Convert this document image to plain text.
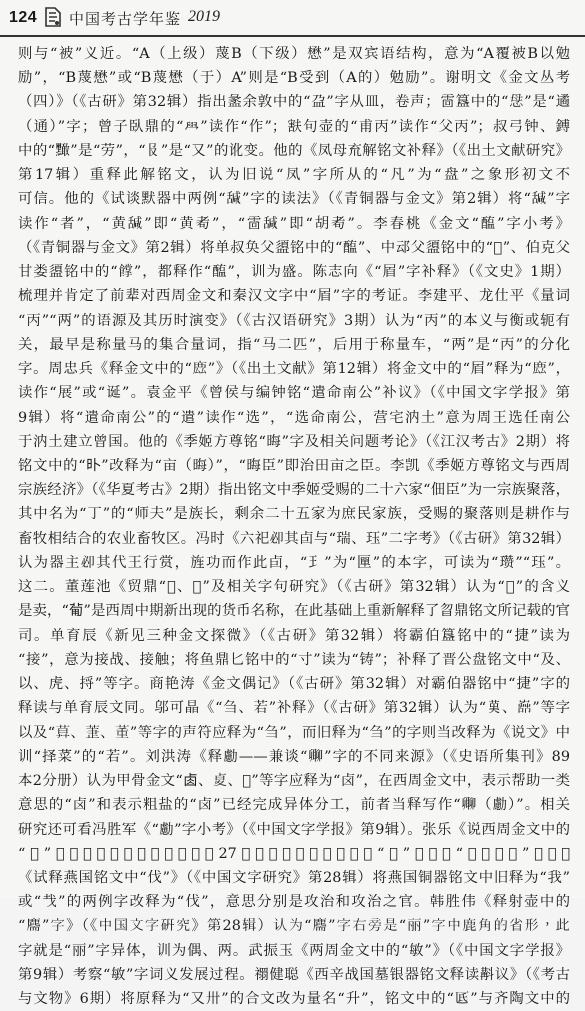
124 中国考古学年鉴 2019
则与“被”义近。“A（上级）蔑B（下级）懋”是双宾语结构，意为“A覆被B以勉
励”，“B蔑懋”或“B蔑懋（于）A”则是“B受到（A的）勉励”。谢明文《金文丛考
（四）》（《古研》第32辑）指出盠余敦中的“盁”字从皿，卷声；䨓簋中的“𢘓”是“遹
（通）”字；曾子臥鼎的“𦥯”读作“作”；㝬句壶的“甫丙”读作“父丙”；叔弓钟、鎛
中的“𪒠”是“劳”，“𠬝”是“又”的讹变。他的《凤母㐬解铭文补释》（《出土文献研究》
第17辑）重释此解铭文，认为旧说“凤”字所从的“凡”为“盘”之象形初文不
可信。他的《试谈默器中两例“𦧩”字的读法》（《青铜器与金文》第2辑）将“𦧩”字
读作“者”，“黄𦧩”即“黄耇”，“䨓𦧩”即“胡耇”。李春桃《金文“醢”字小考》
（《青铜器与金文》第2辑）将单叔奂父盨铭中的“醢”、中䢵父盨铭中的“𨣊”、伯克父
甘娄盨铭中的“𩞦”，都释作“醢”，训为盛。陈志向《“㞒”字补释》（《文史》1期）
梳理并肯定了前辈对西周金文和秦汉文字中“㞒”字的考证。李建平、龙仕平《量词
“丙”“两”的语源及其历时演变》（《古汉语研究》3期）认为“丙”的本义与衡或轭有
关，最早是称量马的集合量词，指“马二匹”，后用于称量车，“两”是“丙”的分化
字。周忠兵《释金文中的“𢉖”》（《出土文献》第12辑）将金文中的“㞒”释为“𢉖”，
读作“展”或“诞”。袁金平《曾侯与编钟铭“遣命南公”补议》（《中国文字学报》第
9辑）将“遣命南公”的“遣”读作“选”，“选命南公，营宅汭土”意为周王选任南公
于汭土建立曾国。他的《季姬方尊铭“晦”字及相关问题考论》（《江汉考古》2期）将
铭文中的“𣅃”改释为“亩（晦）”，“晦臣”即治田亩之臣。李凯《季姬方尊铭文与西周
宗族经济》（《华夏考古》2期）指出铭文中季姬受赐的二十六家“佃臣”为一宗族聚落，
其中名为“丁”的“师夫”是族长，剩余二十五家为庶民家族，受赐的聚落则是耕作与
畜牧相结合的农业畜牧区。冯时《六祀𠨘其卣与“瑞、珏”二字考》（《古研》第32辑）
认为器主𠨘其代王行赏，旌功而作此卣，“𤣩”为“匰”的本字，可读为“瓒”“珏”。
这二。董莲池《贸鼎“𡧓、𤰈”及相关字句研究》（《古研》第32辑）认为“𡧓”的含义
是卖，“𤰈”是西周中期新出现的货币名称，在此基础上重新解释了曶鼎铭文所记载的官
司。单育辰《新见三种金文探微》（《古研》第32辑）将霸伯簋铭中的“捷”读为
“接”，意为接战、接触；将鱼鼎匕铭中的“寸”读为“铸”；补释了晋公盘铭文中“及、
以、虎、捋”等字。商艳涛《金文偶记》（《古研》第32辑）对霸伯器铭中“捷”字的
释读与单育辰文同。邬可晶《“刍、若”补释》（《古研》第32辑）认为“𦰩、𦱡”等字
以及“𦱤、𦱥、𦱦”等字的声符应释为“刍”，而旧释为“刍”的字则当改释为《说文》中
训“择菜”的“若”。刘洪涛《释勴——兼谈“𠨥”字的不同来源》（《史语所集刊》89
本2分册）认为甲骨金文“𠧪、𠧫、𠧬”等字应释为“卤”，在西周金文中，表示帮助一类
意思的“卤”和表示粗盐的“卤”已经完成异体分工，前者当释写作“𠨥（勴）”。相关
研究还可看冯胜军《“勴”字小考》（《中国文字学报》第9辑）。张乐《说西周金文中的
“𤕫”字》（《中国文字研究》第27辑）将昆𤕫王钟铭中的“𤕫”字释为“𤔫（𤔫）”。周波
《试释燕国铭文中“伐”》（《中国文字研究》第28辑）将燕国铜器铭文中旧释为“我”
或“𢦏”的两例字改释为“伐”，意思分别是攻治和攻治之官。韩胜伟《释射壶中的
“𪊫”字》（《中国文字研究》第28辑）认为“𪊫”字右旁是“丽”字中鹿角的省形，此
字就是“丽”字异体，训为偶、两。武振玉《两周金文中的“敏”》（《中国文字学报》
第9辑）考察“敏”字词义发展过程。禤健聪《西辛战国墓银器铭文释读斠议》（《考古
与文物》6期）将原释为“又卅”的合文改为量名“升”，铭文中的“𠥯”与齐陶文中的
